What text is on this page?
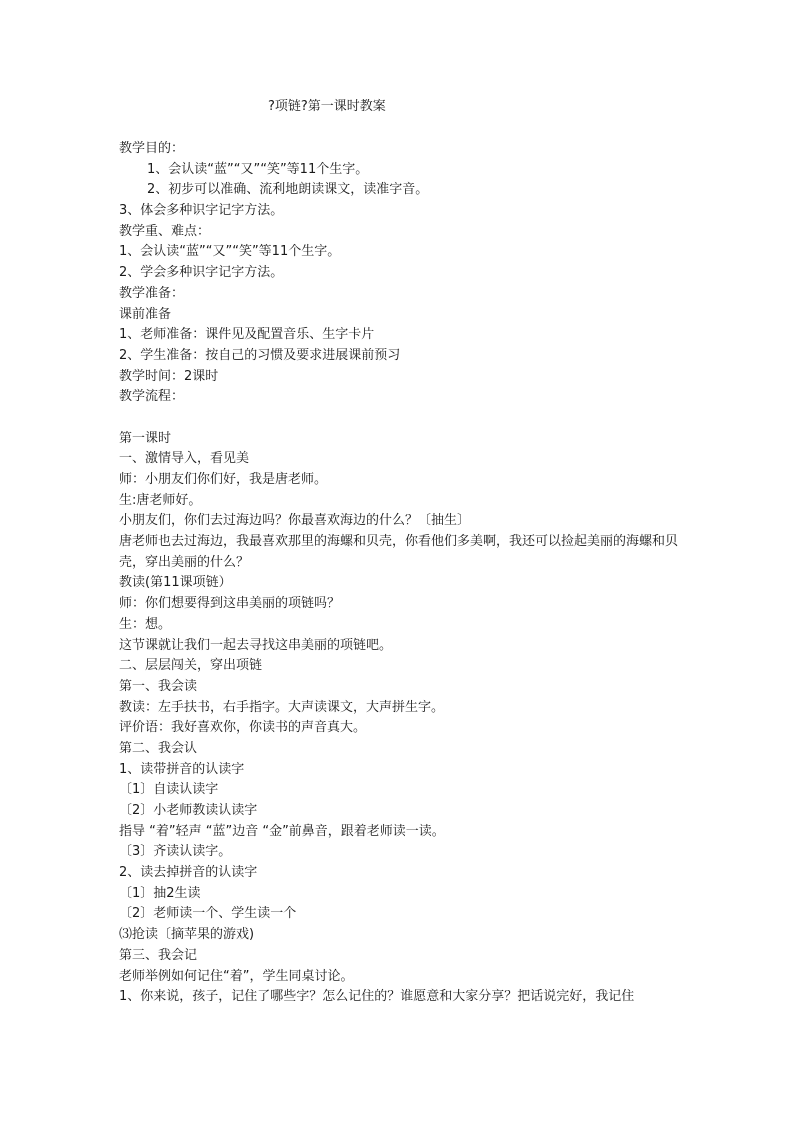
?项链?第一课时教案
教学目的：
1、会认读“蓝”“又”“笑”等11个生字。
2、初步可以准确、流利地朗读课文，读准字音。
3、体会多种识字记字方法。
教学重、难点：
1、会认读“蓝”“又”“笑”等11个生字。
2、学会多种识字记字方法。
教学准备：
课前准备
1、老师准备：课件见及配置音乐、生字卡片
2、学生准备：按自己的习惯及要求进展课前预习
教学时间：2课时
教学流程：
第一课时
一、激情导入，看见美
师：小朋友们你们好，我是唐老师。
生:唐老师好。
小朋友们，你们去过海边吗？你最喜欢海边的什么？〔抽生〕
唐老师也去过海边，我最喜欢那里的海螺和贝壳，你看他们多美啊，我还可以捡起美丽的海螺和贝壳，穿出美丽的什么？
教读(第11课项链）
师：你们想要得到这串美丽的项链吗？
生：想。
这节课就让我们一起去寻找这串美丽的项链吧。
二、层层闯关，穿出项链
第一、我会读
教读：左手扶书，右手指字。大声读课文，大声拼生字。
评价语：我好喜欢你，你读书的声音真大。
第二、我会认
1、读带拼音的认读字
〔1〕自读认读字
〔2〕小老师教读认读字
指导 “着”轻声 “蓝”边音 “金”前鼻音，跟着老师读一读。
〔3〕齐读认读字。
2、读去掉拼音的认读字
〔1〕抽2生读
〔2〕老师读一个、学生读一个
⑶抢读〔摘苹果的游戏)
第三、我会记
老师举例如何记住“着”，学生同桌讨论。
1、你来说，孩子，记住了哪些字？怎么记住的？谁愿意和大家分享？把话说完好，我记住
